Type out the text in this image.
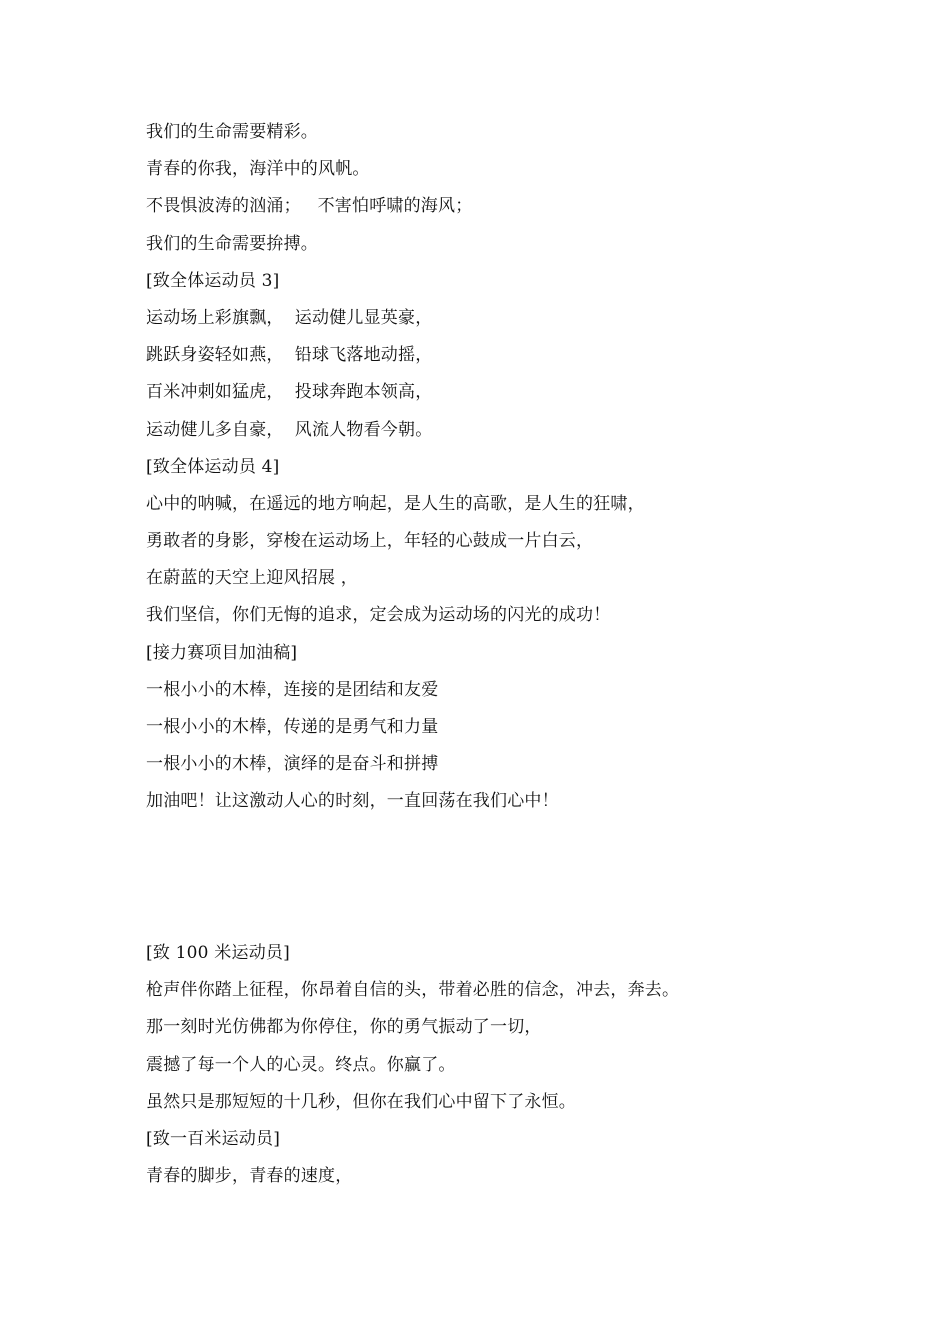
我们的生命需要精彩。
青春的你我，海洋中的风帆。
不畏惧波涛的汹涌；   不害怕呼啸的海风；
我们的生命需要拚搏。
[致全体运动员 3]
运动场上彩旗飘，  运动健儿显英豪，
跳跃身姿轻如燕，  铅球飞落地动摇，
百米冲刺如猛虎，  投球奔跑本领高，
运动健儿多自豪，  风流人物看今朝。
[致全体运动员 4]
心中的呐喊，在遥远的地方响起，是人生的高歌，是人生的狂啸，
勇敢者的身影，穿梭在运动场上，年轻的心鼓成一片白云，
在蔚蓝的天空上迎风招展 ，
我们坚信，你们无悔的追求，定会成为运动场的闪光的成功！
[接力赛项目加油稿]
一根小小的木棒，连接的是团结和友爱
一根小小的木棒，传递的是勇气和力量
一根小小的木棒，演绎的是奋斗和拼搏
加油吧！让这激动人心的时刻，一直回荡在我们心中！
[致 100 米运动员]
枪声伴你踏上征程，你昂着自信的头，带着必胜的信念，冲去，奔去。
那一刻时光仿佛都为你停住，你的勇气振动了一切，
震撼了每一个人的心灵。终点。你赢了。
虽然只是那短短的十几秒，但你在我们心中留下了永恒。
[致一百米运动员]
青春的脚步，青春的速度，
